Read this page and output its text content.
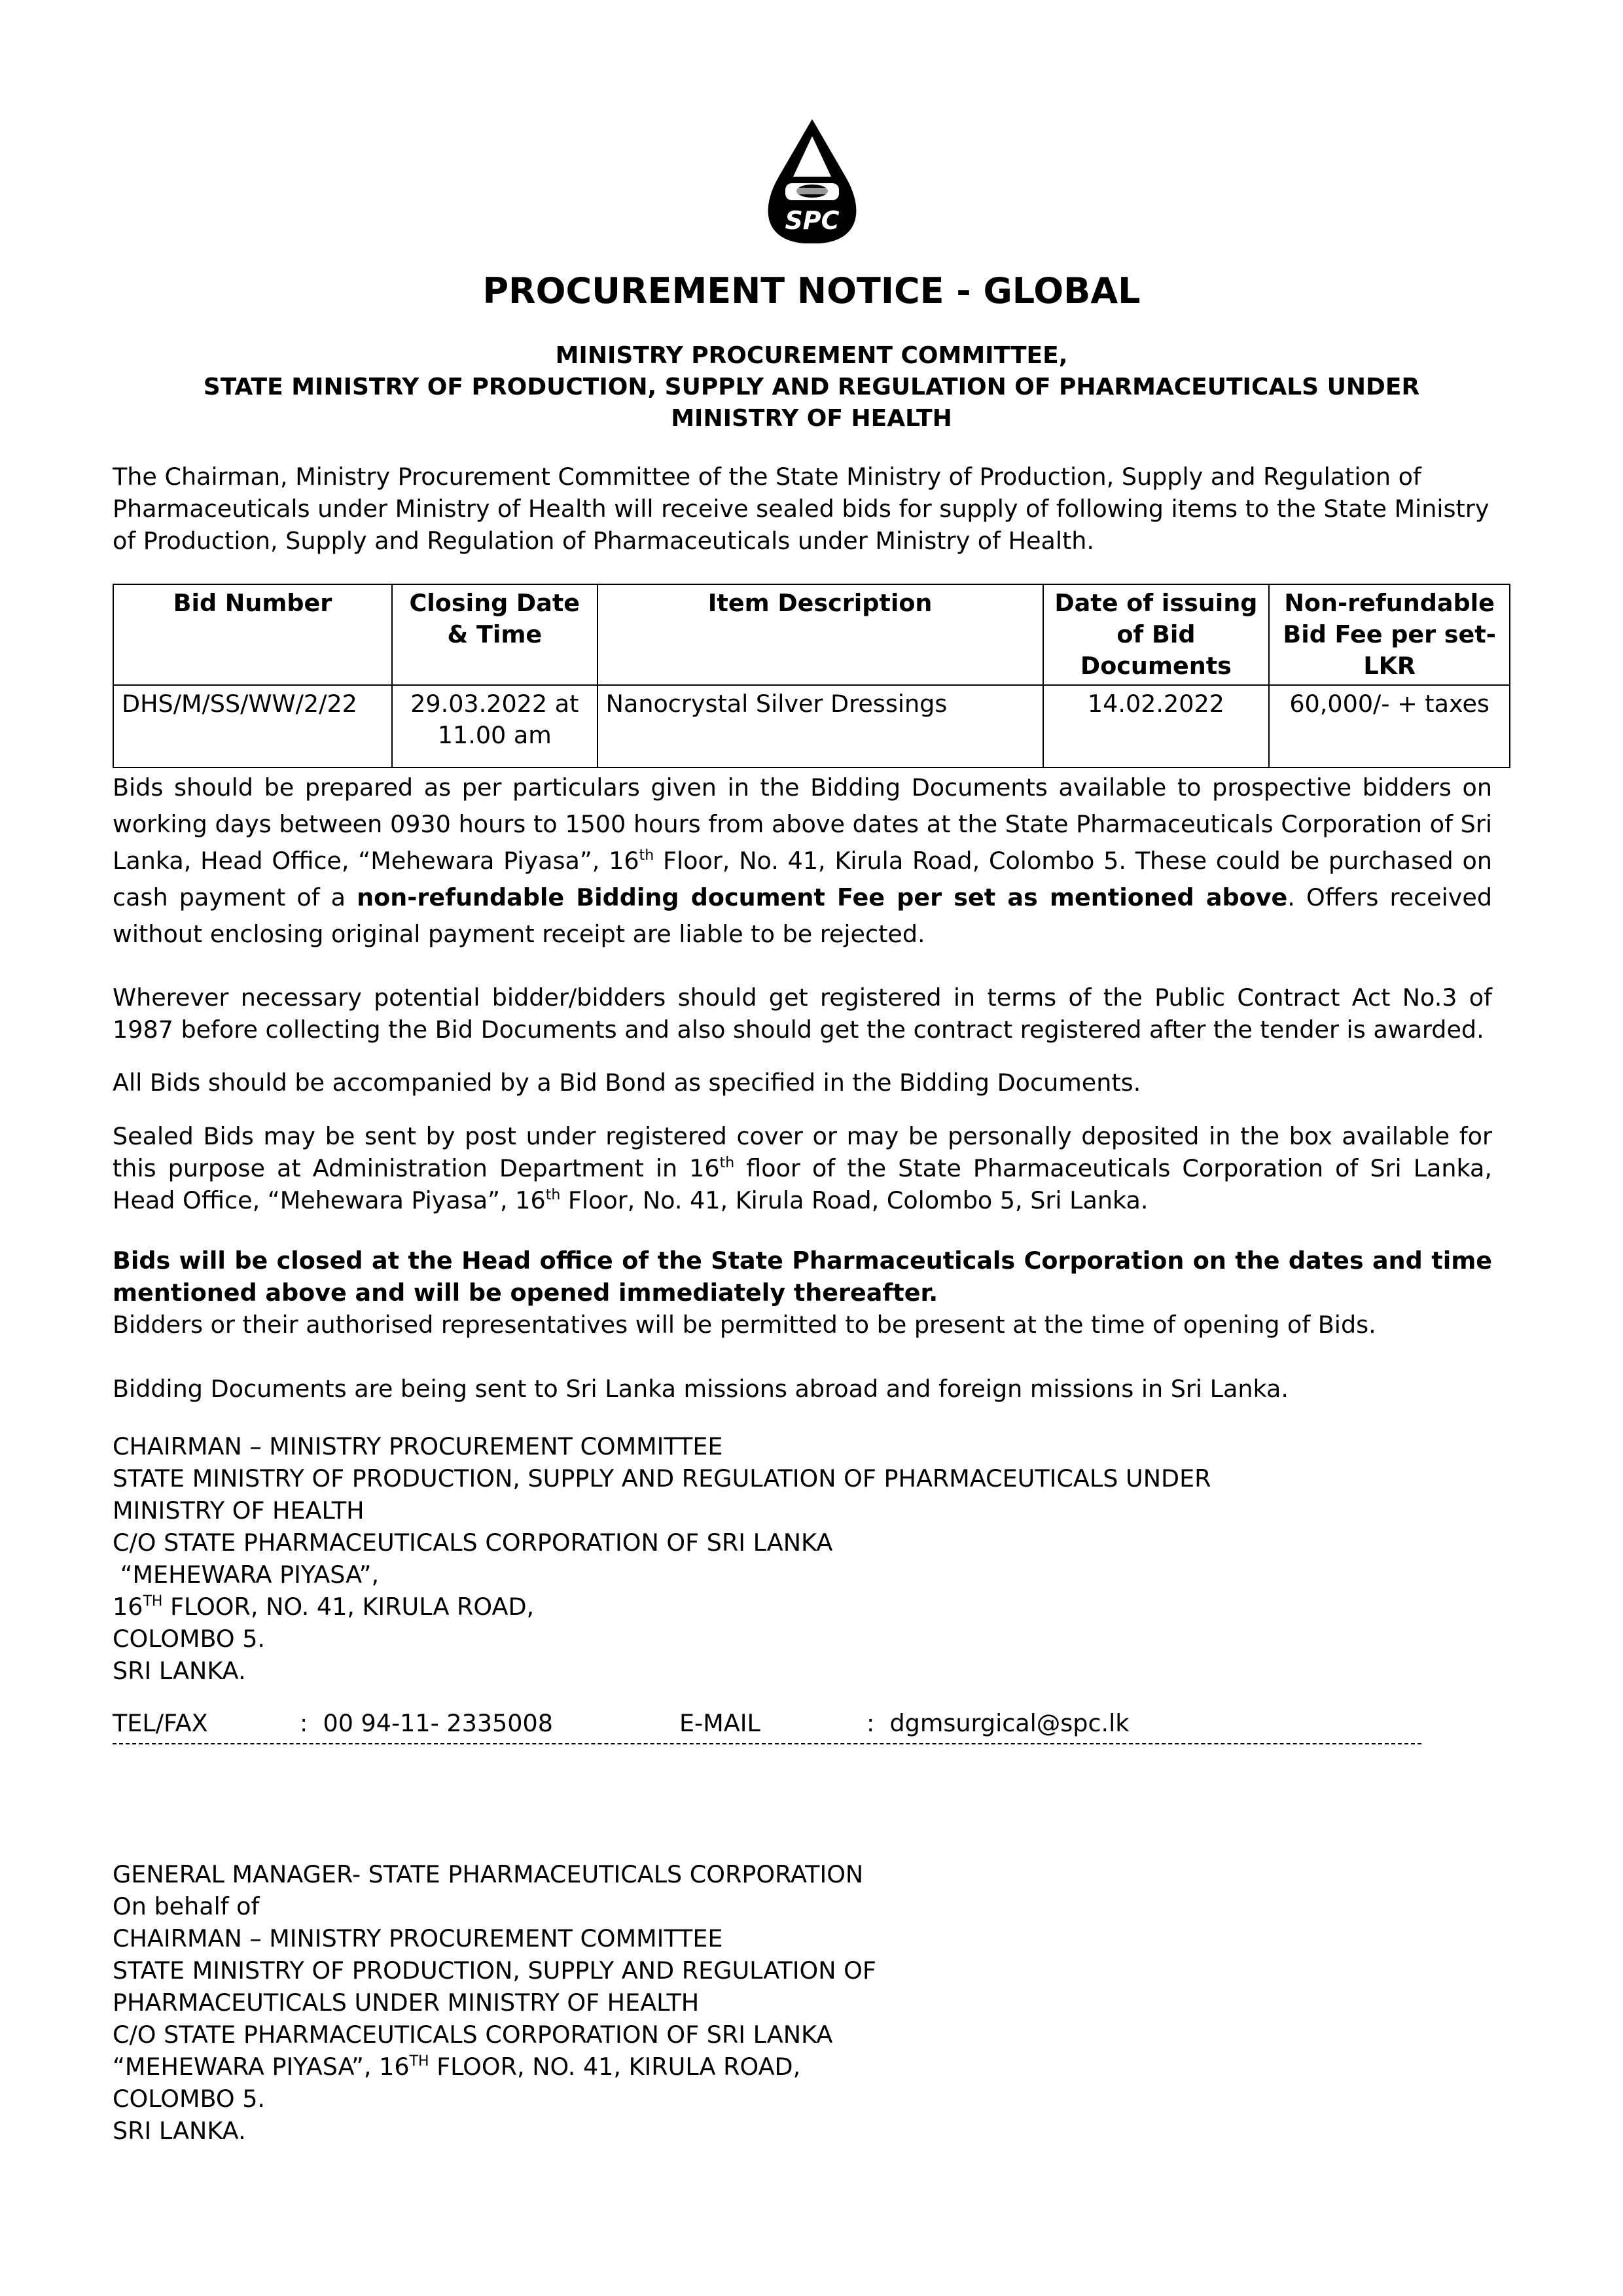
SPC
PROCUREMENT NOTICE - GLOBAL
MINISTRY PROCUREMENT COMMITTEE,
STATE MINISTRY OF PRODUCTION, SUPPLY AND REGULATION OF PHARMACEUTICALS UNDER
MINISTRY OF HEALTH
The Chairman, Ministry Procurement Committee of the State Ministry of Production, Supply and Regulation of Pharmaceuticals under Ministry of Health will receive sealed bids for supply of following items to the State Ministry of Production, Supply and Regulation of Pharmaceuticals under Ministry of Health.
Bid Number	Closing Date & Time	Item Description	Date of issuing of Bid Documents	Non-refundable Bid Fee per set- LKR
DHS/M/SS/WW/2/22	29.03.2022 at 11.00 am	Nanocrystal Silver Dressings	14.02.2022	60,000/- + taxes
Bids should be prepared as per particulars given in the Bidding Documents available to prospective bidders on working days between 0930 hours to 1500 hours from above dates at the State Pharmaceuticals Corporation of Sri Lanka, Head Office, “Mehewara Piyasa”, 16th Floor, No. 41, Kirula Road, Colombo 5. These could be purchased on cash payment of a non-refundable Bidding document Fee per set as mentioned above. Offers received without enclosing original payment receipt are liable to be rejected.
Wherever necessary potential bidder/bidders should get registered in terms of the Public Contract Act No.3 of 1987 before collecting the Bid Documents and also should get the contract registered after the tender is awarded.
All Bids should be accompanied by a Bid Bond as specified in the Bidding Documents.
Sealed Bids may be sent by post under registered cover or may be personally deposited in the box available for this purpose at Administration Department in 16th floor of the State Pharmaceuticals Corporation of Sri Lanka, Head Office, “Mehewara Piyasa”, 16th Floor, No. 41, Kirula Road, Colombo 5, Sri Lanka.
Bids will be closed at the Head office of the State Pharmaceuticals Corporation on the dates and time mentioned above and will be opened immediately thereafter.
Bidders or their authorised representatives will be permitted to be present at the time of opening of Bids.
Bidding Documents are being sent to Sri Lanka missions abroad and foreign missions in Sri Lanka.
CHAIRMAN – MINISTRY PROCUREMENT COMMITTEE
STATE MINISTRY OF PRODUCTION, SUPPLY AND REGULATION OF PHARMACEUTICALS UNDER
MINISTRY OF HEALTH
C/O STATE PHARMACEUTICALS CORPORATION OF SRI LANKA
“MEHEWARA PIYASA”,
16TH FLOOR, NO. 41, KIRULA ROAD,
COLOMBO 5.
SRI LANKA.
TEL/FAX	:  00 94-11- 2335008	E-MAIL	:  dgmsurgical@spc.lk
GENERAL MANAGER- STATE PHARMACEUTICALS CORPORATION
On behalf of
CHAIRMAN – MINISTRY PROCUREMENT COMMITTEE
STATE MINISTRY OF PRODUCTION, SUPPLY AND REGULATION OF
PHARMACEUTICALS UNDER MINISTRY OF HEALTH
C/O STATE PHARMACEUTICALS CORPORATION OF SRI LANKA
“MEHEWARA PIYASA”, 16TH FLOOR, NO. 41, KIRULA ROAD,
COLOMBO 5.
SRI LANKA.
